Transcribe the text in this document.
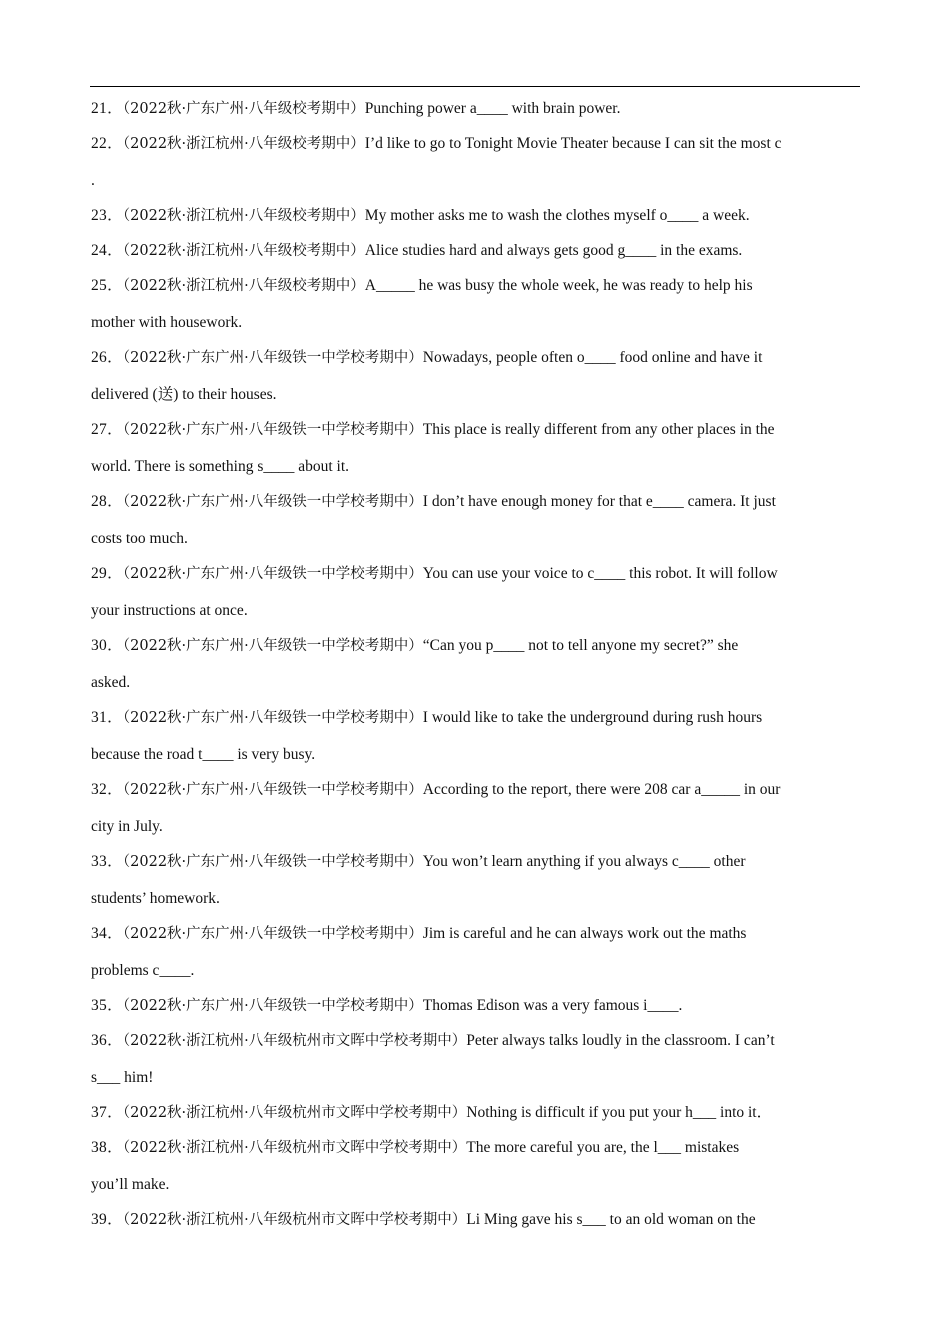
21．（2022秋·广东广州·八年级校考期中）Punching power a____ with brain power.
22．（2022秋·浙江杭州·八年级校考期中）I’d like to go to Tonight Movie Theater because I can sit the most c
.
23．（2022秋·浙江杭州·八年级校考期中）My mother asks me to wash the clothes myself o____ a week.
24．（2022秋·浙江杭州·八年级校考期中）Alice studies hard and always gets good g____ in the exams.
25．（2022秋·浙江杭州·八年级校考期中）A_____ he was busy the whole week, he was ready to help his
mother with housework.
26．（2022秋·广东广州·八年级铁一中学校考期中）Nowadays, people often o____ food online and have it
delivered (送) to their houses.
27．（2022秋·广东广州·八年级铁一中学校考期中）This place is really different from any other places in the
world. There is something s____ about it.
28．（2022秋·广东广州·八年级铁一中学校考期中）I don’t have enough money for that e____ camera. It just
costs too much.
29．（2022秋·广东广州·八年级铁一中学校考期中）You can use your voice to c____ this robot. It will follow
your instructions at once.
30．（2022秋·广东广州·八年级铁一中学校考期中）“Can you p____ not to tell anyone my secret?” she
asked.
31．（2022秋·广东广州·八年级铁一中学校考期中）I would like to take the underground during rush hours
because the road t____ is very busy.
32．（2022秋·广东广州·八年级铁一中学校考期中）According to the report, there were 208 car a_____ in our
city in July.
33．（2022秋·广东广州·八年级铁一中学校考期中）You won’t learn anything if you always c____ other
students’ homework.
34．（2022秋·广东广州·八年级铁一中学校考期中）Jim is careful and he can always work out the maths
problems c____.
35．（2022秋·广东广州·八年级铁一中学校考期中）Thomas Edison was a very famous i____.
36．（2022秋·浙江杭州·八年级杭州市文晖中学校考期中）Peter always talks loudly in the classroom. I can’t
s___ him!
37．（2022秋·浙江杭州·八年级杭州市文晖中学校考期中）Nothing is difficult if you put your h___ into it．
38．（2022秋·浙江杭州·八年级杭州市文晖中学校考期中）The more careful you are, the l___ mistakes
you’ll make.
39．（2022秋·浙江杭州·八年级杭州市文晖中学校考期中）Li Ming gave his s___ to an old woman on the
